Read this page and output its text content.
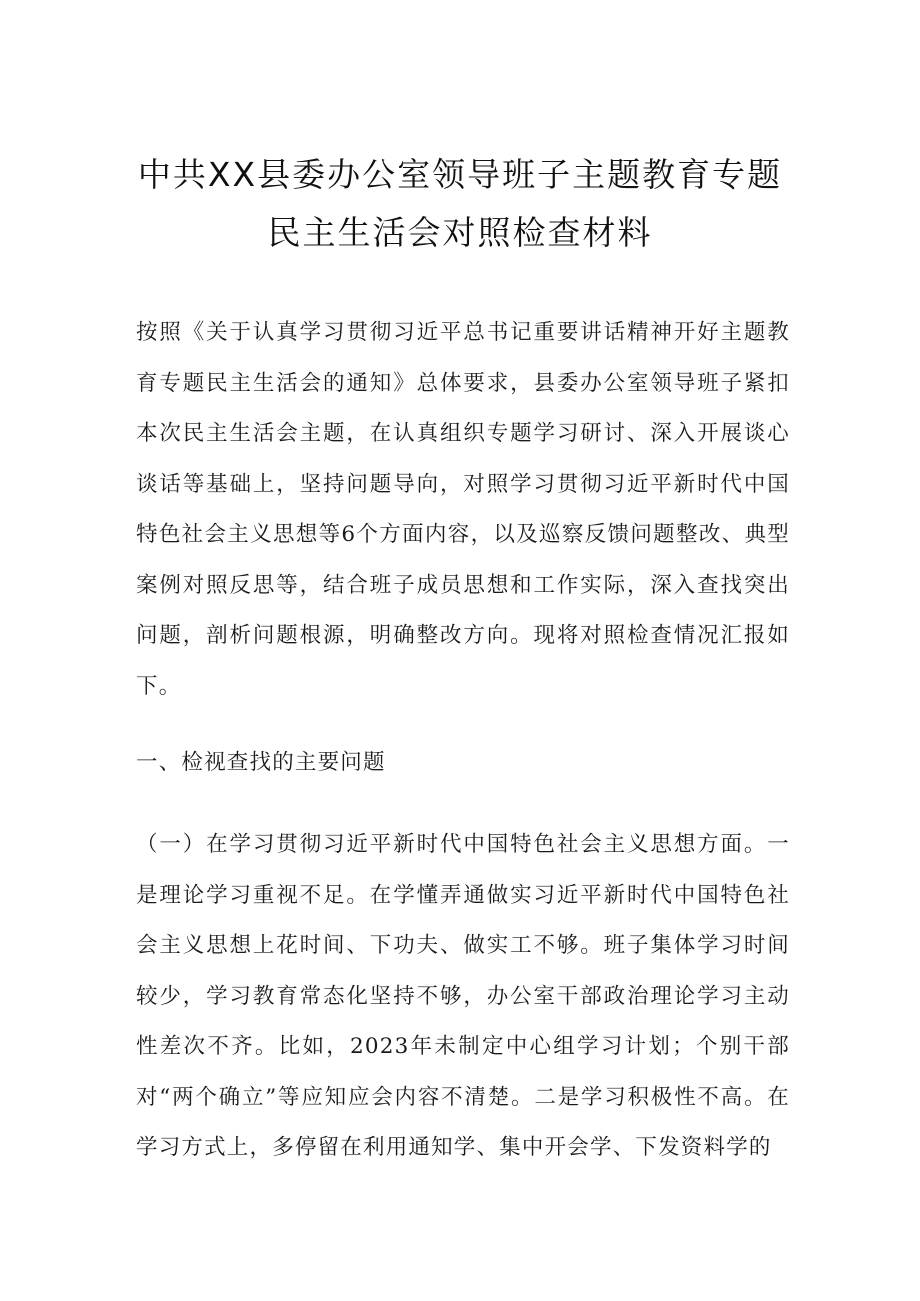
中共XX县委办公室领导班子主题教育专题
民主生活会对照检查材料

按照《关于认真学习贯彻习近平总书记重要讲话精神开好主题教育专题民主生活会的通知》总体要求，县委办公室领导班子紧扣本次民主生活会主题，在认真组织专题学习研讨、深入开展谈心谈话等基础上，坚持问题导向，对照学习贯彻习近平新时代中国特色社会主义思想等6个方面内容，以及巡察反馈问题整改、典型案例对照反思等，结合班子成员思想和工作实际，深入查找突出问题，剖析问题根源，明确整改方向。现将对照检查情况汇报如下。

一、检视查找的主要问题

（一）在学习贯彻习近平新时代中国特色社会主义思想方面。一是理论学习重视不足。在学懂弄通做实习近平新时代中国特色社会主义思想上花时间、下功夫、做实工不够。班子集体学习时间较少，学习教育常态化坚持不够，办公室干部政治理论学习主动性差次不齐。比如，2023年未制定中心组学习计划；个别干部对“两个确立”等应知应会内容不清楚。二是学习积极性不高。在学习方式上，多停留在利用通知学、集中开会学、下发资料学的
